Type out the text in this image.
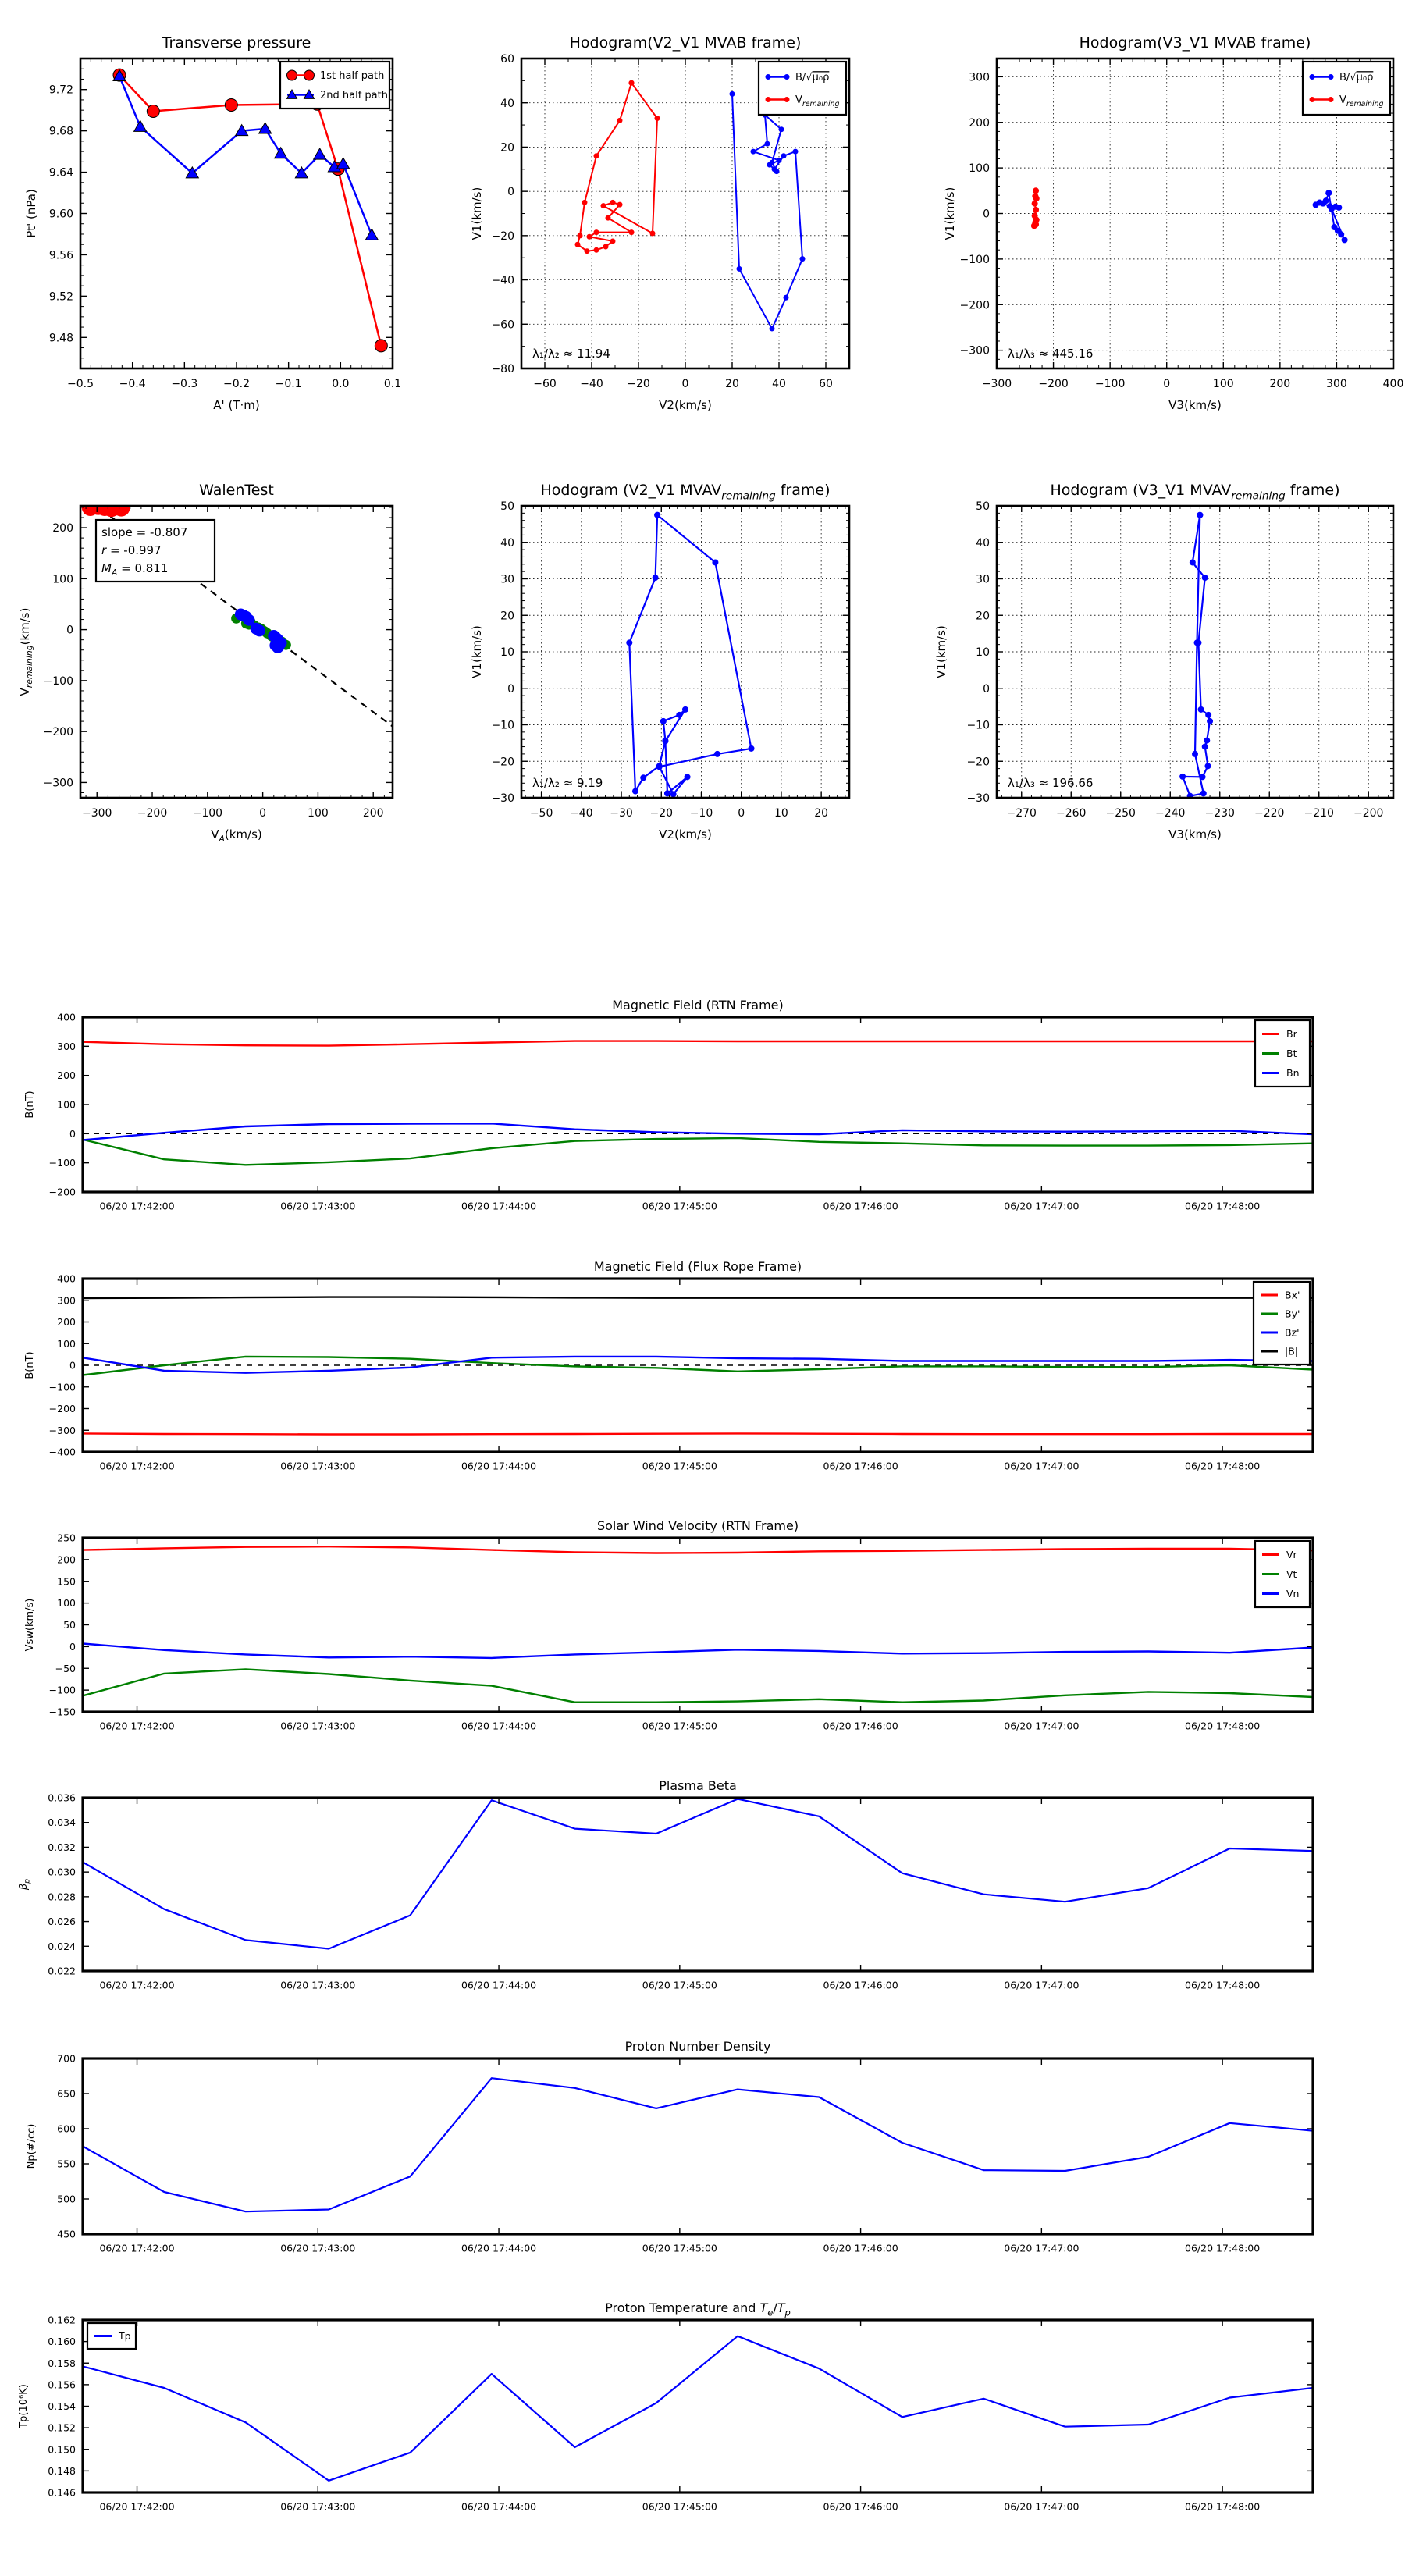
−0.5 −0.4 −0.3 −0.2 −0.1	0.0	0.1
9.48
9.52
9.56
9.60
9.64
9.68
9.72
Transverse pressure
A' (T·m)
Pt' (nPa)
1st half path
2nd half path
−60 −40 −20	0	20	40	60
−80
−60
−40
−20
0
20
40
60
Hodogram(V2_V1 MVAB frame)
V2(km/s)
V1(km/s)
B/√μ₀ρ
$V_{remaining}$
λ₁/λ₂ ≈ 11.94
−300 −200 −100	0	100	200	300	400
−300
−200
−100
0
100
200
300
Hodogram(V3_V1 MVAB frame)
V3(km/s)
V1(km/s)
B/√μ₀ρ
$V_{remaining}$
λ₁/λ₃ ≈ 445.16
−300 −200 −100	0	100	200
−300
−200
−100
0
100
200
WalenTest
$V_A(km/s)$
$V_{remaining}(km/s)$
slope = -0.807
r = -0.997
$M_A = 0.811$
−50 −40 −30 −20 −10 0	10 20
−30
−20
−10
0
10
20
30
40
50
Hodogram (V2_V1 $MVAV_{remaining}$ frame)
V2(km/s)
V1(km/s)
λ₁/λ₂ ≈ 9.19
−270 −260 −250 −240 −230 −220 −210 −200
−30
−20
−10
0
10
20
30
40
50
Hodogram (V3_V1 $MVAV_{remaining}$ frame)
V3(km/s)
V1(km/s)
λ₁/λ₃ ≈ 196.66
06/20 17:42:00	06/20 17:43:00	06/20 17:44:00	06/20 17:45:00	06/20 17:46:00	06/20 17:47:00	06/20 17:48:00
−200
−100
0
100
200
300
400
Magnetic Field (RTN Frame)
B(nT)
Br
Bt
Bn
06/20 17:42:00	06/20 17:43:00	06/20 17:44:00	06/20 17:45:00	06/20 17:46:00	06/20 17:47:00	06/20 17:48:00
−400
−300
−200
−100
0
100
200
300
400
Magnetic Field (Flux Rope Frame)
B(nT)
Bx'
By'
Bz'
|B|
06/20 17:42:00	06/20 17:43:00	06/20 17:44:00	06/20 17:45:00	06/20 17:46:00	06/20 17:47:00	06/20 17:48:00
−150
−100
−50
0
50
100
150
200
250
Solar Wind Velocity (RTN Frame)
Vsw(km/s)
Vr
Vt
Vn
06/20 17:42:00	06/20 17:43:00	06/20 17:44:00	06/20 17:45:00	06/20 17:46:00	06/20 17:47:00	06/20 17:48:00
0.022
0.024
0.026
0.028
0.030
0.032
0.034
0.036
Plasma Beta
$\beta_p$
06/20 17:42:00	06/20 17:43:00	06/20 17:44:00	06/20 17:45:00	06/20 17:46:00	06/20 17:47:00	06/20 17:48:00
450
500
550
600
650
700
Proton Number Density
Np(#/cc)
06/20 17:42:00	06/20 17:43:00	06/20 17:44:00	06/20 17:45:00	06/20 17:46:00	06/20 17:47:00	06/20 17:48:00
0.146
0.148
0.150
0.152
0.154
0.156
0.158
0.160
0.162
Proton Temperature and $T_e/T_p$
Tp(10⁶K)
Tp
